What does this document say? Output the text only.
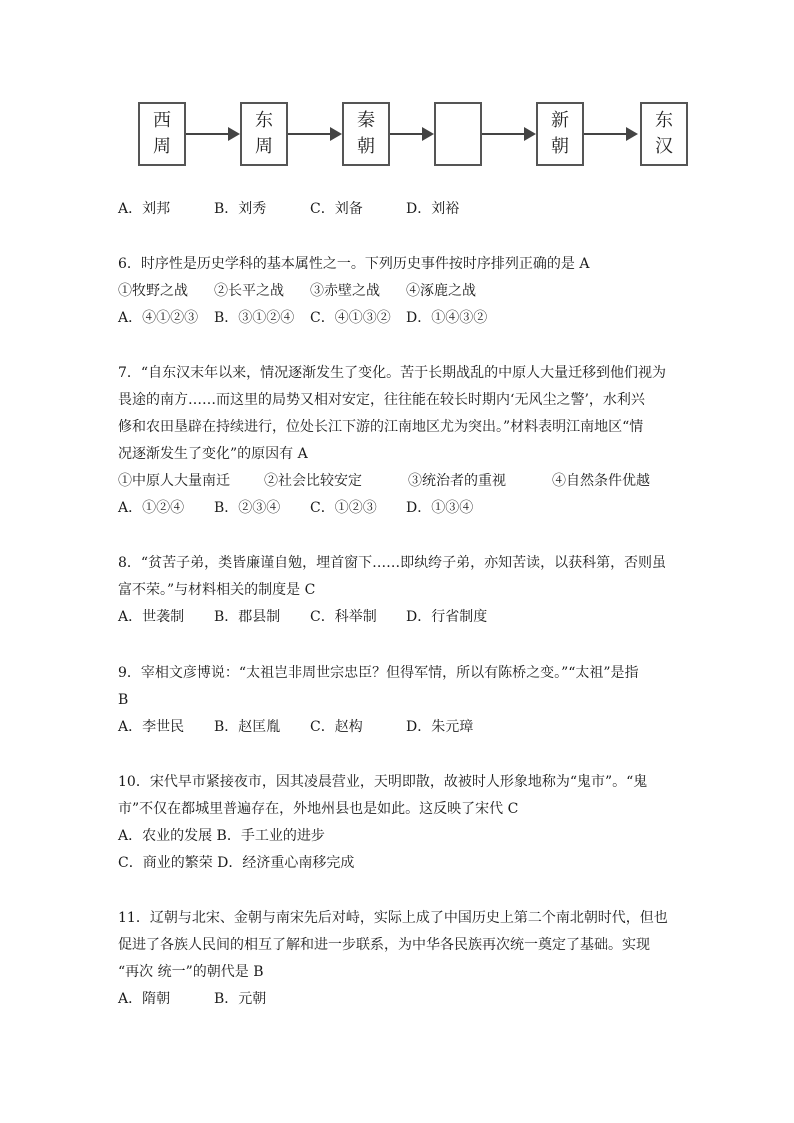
西
周
东
周
秦
朝
新
朝
东
汉
A．刘邦	B．刘秀	C．刘备	D．刘裕
6．时序性是历史学科的基本属性之一。下列历史事件按时序排列正确的是 A
①牧野之战 ②长平之战 ③赤壁之战 ④涿鹿之战
A．④①②③ B．③①②④ C．④①③② D．①④③②
7．“自东汉末年以来，情况逐渐发生了变化。苦于长期战乱的中原人大量迁移到他们视为
畏途的南方……而这里的局势又相对安定，往往能在较长时期内‘无风尘之警’，水利兴
修和农田垦辟在持续进行，位处长江下游的江南地区尤为突出。”材料表明江南地区“情
况逐渐发生了变化”的原因有 A
①中原人大量南迁 ②社会比较安定	③统治者的重视	④自然条件优越
A．①②④ B．②③④ C．①②③ D．①③④
8．“贫苦子弟，类皆廉谨自勉，埋首窗下……即纨绔子弟，亦知苦读，以获科第，否则虽
富不荣。”与材料相关的制度是 C
A．世袭制 B．郡县制 C．科举制 D．行省制度
9．宰相文彦博说：“太祖岂非周世宗忠臣？但得军情，所以有陈桥之变。”“太祖”是指
B
A．李世民 B．赵匡胤 C．赵构	D．朱元璋
10．宋代早市紧接夜市，因其凌晨营业，天明即散，故被时人形象地称为“鬼市”。“鬼
市”不仅在都城里普遍存在，外地州县也是如此。这反映了宋代 C
A．农业的发展 B．手工业的进步
C．商业的繁荣 D．经济重心南移完成
11．辽朝与北宋、金朝与南宋先后对峙，实际上成了中国历史上第二个南北朝时代，但也
促进了各族人民间的相互了解和进一步联系，为中华各民族再次统一奠定了基础。实现
“再次 统一”的朝代是 B
A．隋朝	B．元朝
